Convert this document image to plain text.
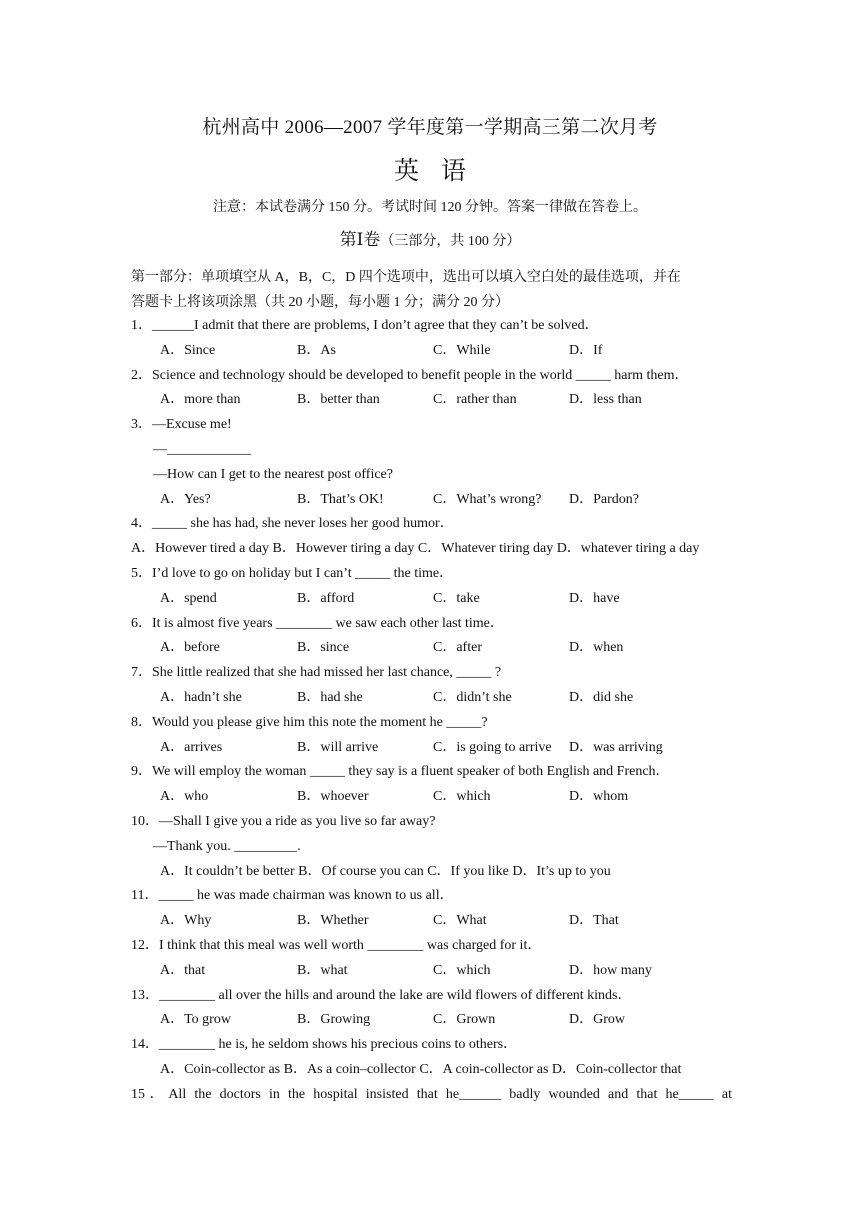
杭州高中 2006—2007 学年度第一学期高三第二次月考
英语
注意：本试卷满分 150 分。考试时间 120 分钟。答案一律做在答卷上。
第Ⅰ卷（三部分，共 100 分）
第一部分：单项填空从 A，B，C，D 四个选项中，选出可以填入空白处的最佳选项，并在
答题卡上将该项涂黑（共 20 小题，每小题 1 分；满分 20 分）
1．______I admit that there are problems, I don’t agree that they can’t be solved．
A．Since	B．As	C．While	D．If
2．Science and technology should be developed to benefit people in the world _____ harm them．
A．more than	B．better than	C．rather than	D．less than
3．—Excuse me!
—____________
—How can I get to the nearest post office?
A．Yes?	B．That’s OK!	C．What’s wrong? D．Pardon?
4．_____ she has had, she never loses her good humor．
A．However tired a day B．However tiring a day C．Whatever tiring day D．whatever tiring a day
5．I’d love to go on holiday but I can’t _____ the time．
A．spend	B．afford	C．take	D．have
6．It is almost five years ________ we saw each other last time．
A．before	B．since	C．after	D．when
7．She little realized that she had missed her last chance, _____ ?
A．hadn’t she	B．had she	C．didn’t she	D．did she
8．Would you please give him this note the moment he _____?
A．arrives	B．will arrive	C．is going to arrive D．was arriving
9．We will employ the woman _____ they say is a fluent speaker of both English and French．
A．who	B．whoever	C．which	D．whom
10．—Shall I give you a ride as you live so far away?
—Thank you. _________.
A．It couldn’t be better B．Of course you can C．If you like D．It’s up to you
11．_____ he was made chairman was known to us all．
A．Why	B．Whether	C．What	D．That
12．I think that this meal was well worth ________ was charged for it．
A．that	B．what	C．which	D．how many
13．________ all over the hills and around the lake are wild flowers of different kinds．
A．To grow	B．Growing	C．Grown	D．Grow
14．________ he is, he seldom shows his precious coins to others．
A．Coin-collector as B．As a coin–collector C．A coin-collector as D．Coin-collector that
15．All the doctors in the hospital insisted that he______ badly wounded and that he_____ at
